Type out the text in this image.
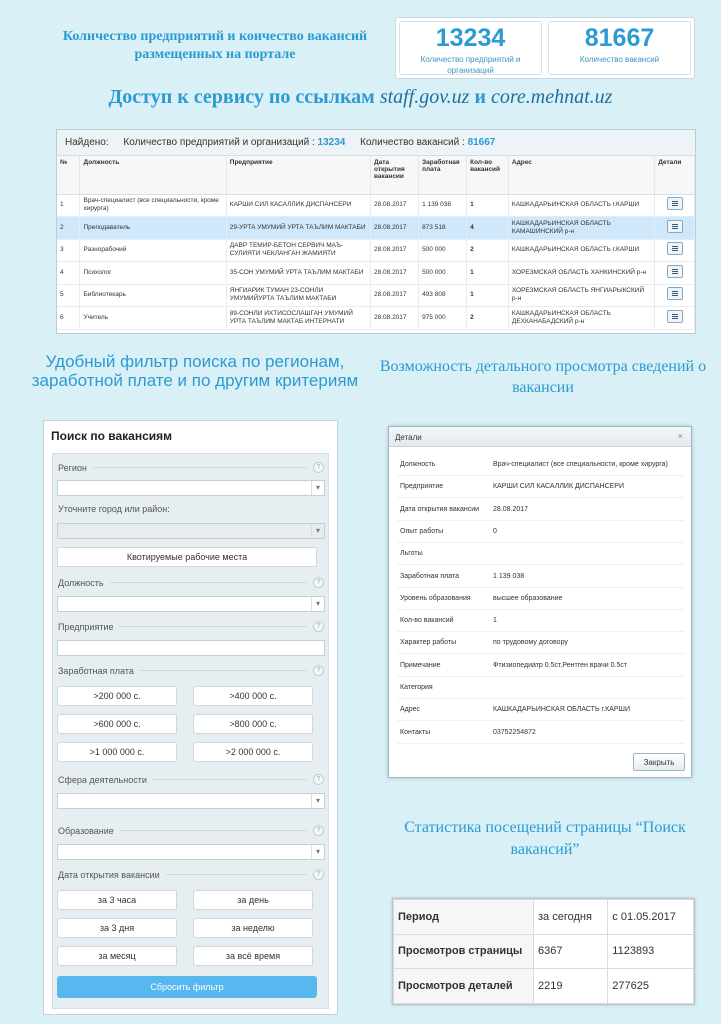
Количество предприятий и коичество вакансий размещенных на портале
13234
Количество предприятий и организаций
81667
Количество вакансий
Доступ к сервису по ссылкам staff.gov.uz и core.mehnat.uz
Найдено: Количество предприятий и организаций : 13234 Количество вакансий : 81667
№	Должность	Предприятие	Дата открытия вакансии	Заработная плата	Кол-во вакансий	Адрес	Детали
1	Врач-специалист (все специальности, кроме хирурга)	КАРШИ СИЛ КАСАЛЛИК ДИСПАНСЕРИ	28.08.2017	1 139 038	1	КАШКАДАРЬИНСКАЯ ОБЛАСТЬ г.КАРШИ	
2	Преподаватель	29-УРТА УМУМИЙ УРТА ТАЪЛИМ МАКТАБИ	28.08.2017	873 518	4	КАШКАДАРЬИНСКАЯ ОБЛАСТЬ КАМАШИНСКИЙ р-н	
3	Разнорабочий	ДАВР ТЕМИР-БЕТОН СЕРВИЧ МАЪ-СУЛИЯТИ ЧЕКЛАНГАН ЖАМИЯТИ	28.08.2017	500 000	2	КАШКАДАРЬИНСКАЯ ОБЛАСТЬ г.КАРШИ	
4	Психолог	35-СОН УМУМИЙ УРТА ТАЪЛИМ МАКТАБИ	28.08.2017	500 000	1	ХОРЕЗМСКАЯ ОБЛАСТЬ ХАНКИНСКИЙ р-н	
5	Библиотекарь	ЯНГИАРИК ТУМАН 23-СОНЛИ УМУМИЙУРТА ТАЪЛИМ МАКТАБИ	28.08.2017	493 808	1	ХОРЕЗМСКАЯ ОБЛАСТЬ ЯНГИАРЫКСКИЙ р-н	
6	Учитель	89-СОНЛИ ИХТИСОСЛАШГАН УМУМИЙ УРТА ТАЪЛИМ МАКТАБ ИНТЕРНАТИ	28.08.2017	975 000	2	КАШКАДАРЬИНСКАЯ ОБЛАСТЬ ДЕХКАНАБАДСКИЙ р-н	
Удобный фильтр поиска по регионам, заработной плате и по другим критериям
Возможность детального просмотра сведений о вакансии
Поиск по вакансиям
Регион	?
▾
Уточните город или район:
▾
Квотируемые рабочие места
Должность	?
▾
Предприятие	?
Заработная плата	?
>200 000 с.	>400 000 с.
>600 000 с.	>800 000 с.
>1 000 000 с.	>2 000 000 с.
Сфера деятельности	?
▾
Образование	?
▾
Дата открытия вакансии	?
за 3 часа	за день
за 3 дня	за неделю
за месяц	за всё время
Сбросить фильтр
Детали	×
Должность	Врач-специалист (все специальности, кроме хирурга)
Предприятие	КАРШИ СИЛ КАСАЛЛИК ДИСПАНСЕРИ
Дата открытия вакансии	28.08.2017
Опыт работы	0
Льготы
Заработная плата	1 139 038
Уровень образования	высшее образование
Кол-во вакансий	1
Характер работы	по трудовому договору
Примечание	Фтизиопедиатр 0.5ст,Рентген врачи 0.5ст
Категория
Адрес	КАШКАДАРЬИНСКАЯ ОБЛАСТЬ г.КАРШИ
Контакты	03752254872
Закрыть
Статистика посещений страницы “Поиск вакансий”
Период	за сегодня	с 01.05.2017
Просмотров страницы	6367	1123893
Просмотров деталей	2219	277625
